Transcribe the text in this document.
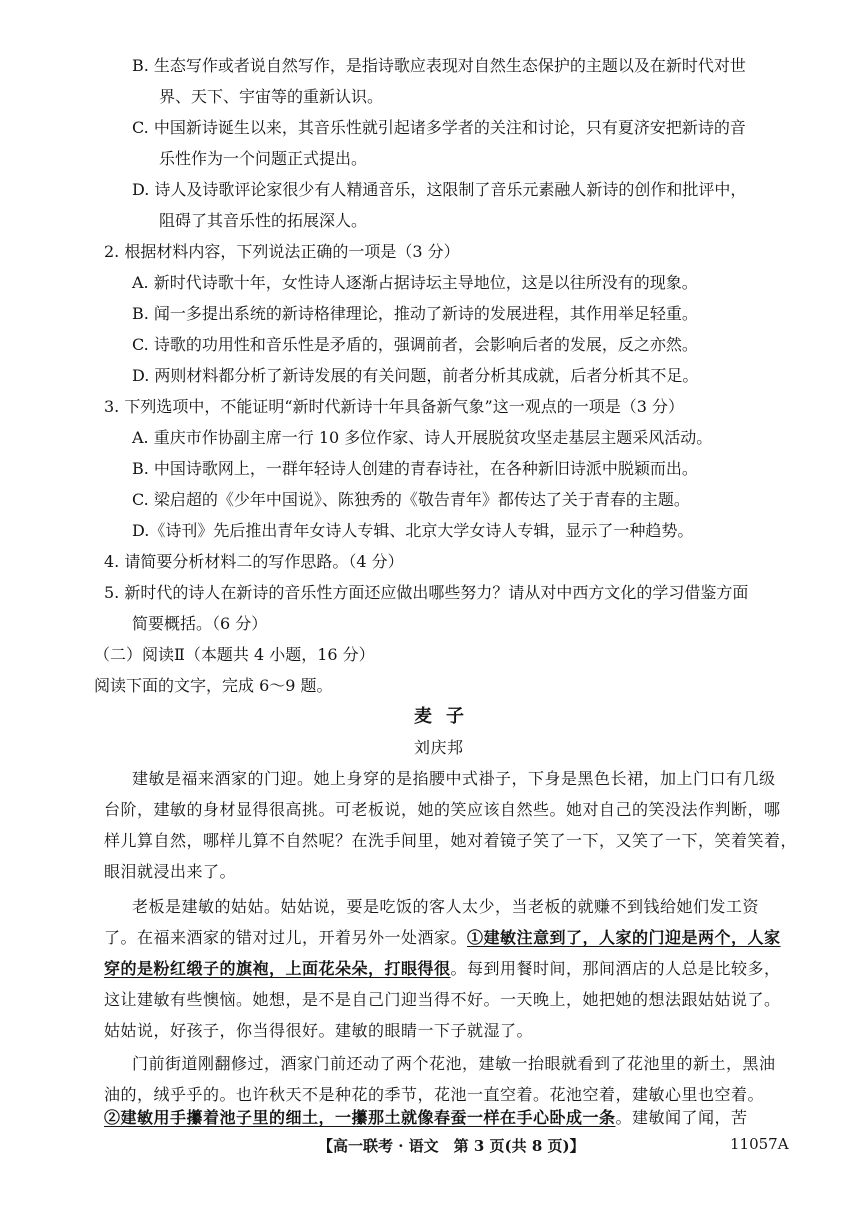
B. 生态写作或者说自然写作，是指诗歌应表现对自然生态保护的主题以及在新时代对世
界、天下、宇宙等的重新认识。
C. 中国新诗诞生以来，其音乐性就引起诸多学者的关注和讨论，只有夏济安把新诗的音
乐性作为一个问题正式提出。
D. 诗人及诗歌评论家很少有人精通音乐，这限制了音乐元素融人新诗的创作和批评中，
阻碍了其音乐性的拓展深人。
2. 根据材料内容，下列说法正确的一项是（3 分）
A. 新时代诗歌十年，女性诗人逐渐占据诗坛主导地位，这是以往所没有的现象。
B. 闻一多提出系统的新诗格律理论，推动了新诗的发展进程，其作用举足轻重。
C. 诗歌的功用性和音乐性是矛盾的，强调前者，会影响后者的发展，反之亦然。
D. 两则材料都分析了新诗发展的有关问题，前者分析其成就，后者分析其不足。
3. 下列选项中，不能证明“新时代新诗十年具备新气象”这一观点的一项是（3 分）
A. 重庆市作协副主席一行 10 多位作家、诗人开展脱贫攻坚走基层主题采风活动。
B. 中国诗歌网上，一群年轻诗人创建的青春诗社，在各种新旧诗派中脱颖而出。
C. 梁启超的《少年中国说》、陈独秀的《敬告青年》都传达了关于青春的主题。
D.《诗刊》先后推出青年女诗人专辑、北京大学女诗人专辑，显示了一种趋势。
4. 请简要分析材料二的写作思路。（4 分）
5. 新时代的诗人在新诗的音乐性方面还应做出哪些努力？请从对中西方文化的学习借鉴方面
简要概括。（6 分）
（二）阅读Ⅱ（本题共 4 小题，16 分）
阅读下面的文字，完成 6～9 题。
麦子
刘庆邦
建敏是福来酒家的门迎。她上身穿的是掐腰中式褂子，下身是黑色长裙，加上门口有几级
台阶，建敏的身材显得很高挑。可老板说，她的笑应该自然些。她对自己的笑没法作判断，哪
样儿算自然，哪样儿算不自然呢？在洗手间里，她对着镜子笑了一下，又笑了一下，笑着笑着，
眼泪就浸出来了。
老板是建敏的姑姑。姑姑说，要是吃饭的客人太少，当老板的就赚不到钱给她们发工资
了。在福来酒家的错对过儿，开着另外一处酒家。①建敏注意到了，人家的门迎是两个，人家
穿的是粉红缎子的旗袍，上面花朵朵，打眼得很。每到用餐时间，那间酒店的人总是比较多，
这让建敏有些懊恼。她想，是不是自己门迎当得不好。一天晚上，她把她的想法跟姑姑说了。
姑姑说，好孩子，你当得很好。建敏的眼睛一下子就湿了。
门前街道刚翻修过，酒家门前还动了两个花池，建敏一抬眼就看到了花池里的新土，黑油
油的，绒乎乎的。也许秋天不是种花的季节，花池一直空着。花池空着，建敏心里也空着。
②建敏用手攥着池子里的细土，一攥那土就像春蚕一样在手心卧成一条。建敏闻了闻，苦
【高一联考 · 语文　第 3 页(共 8 页)】	11057A
